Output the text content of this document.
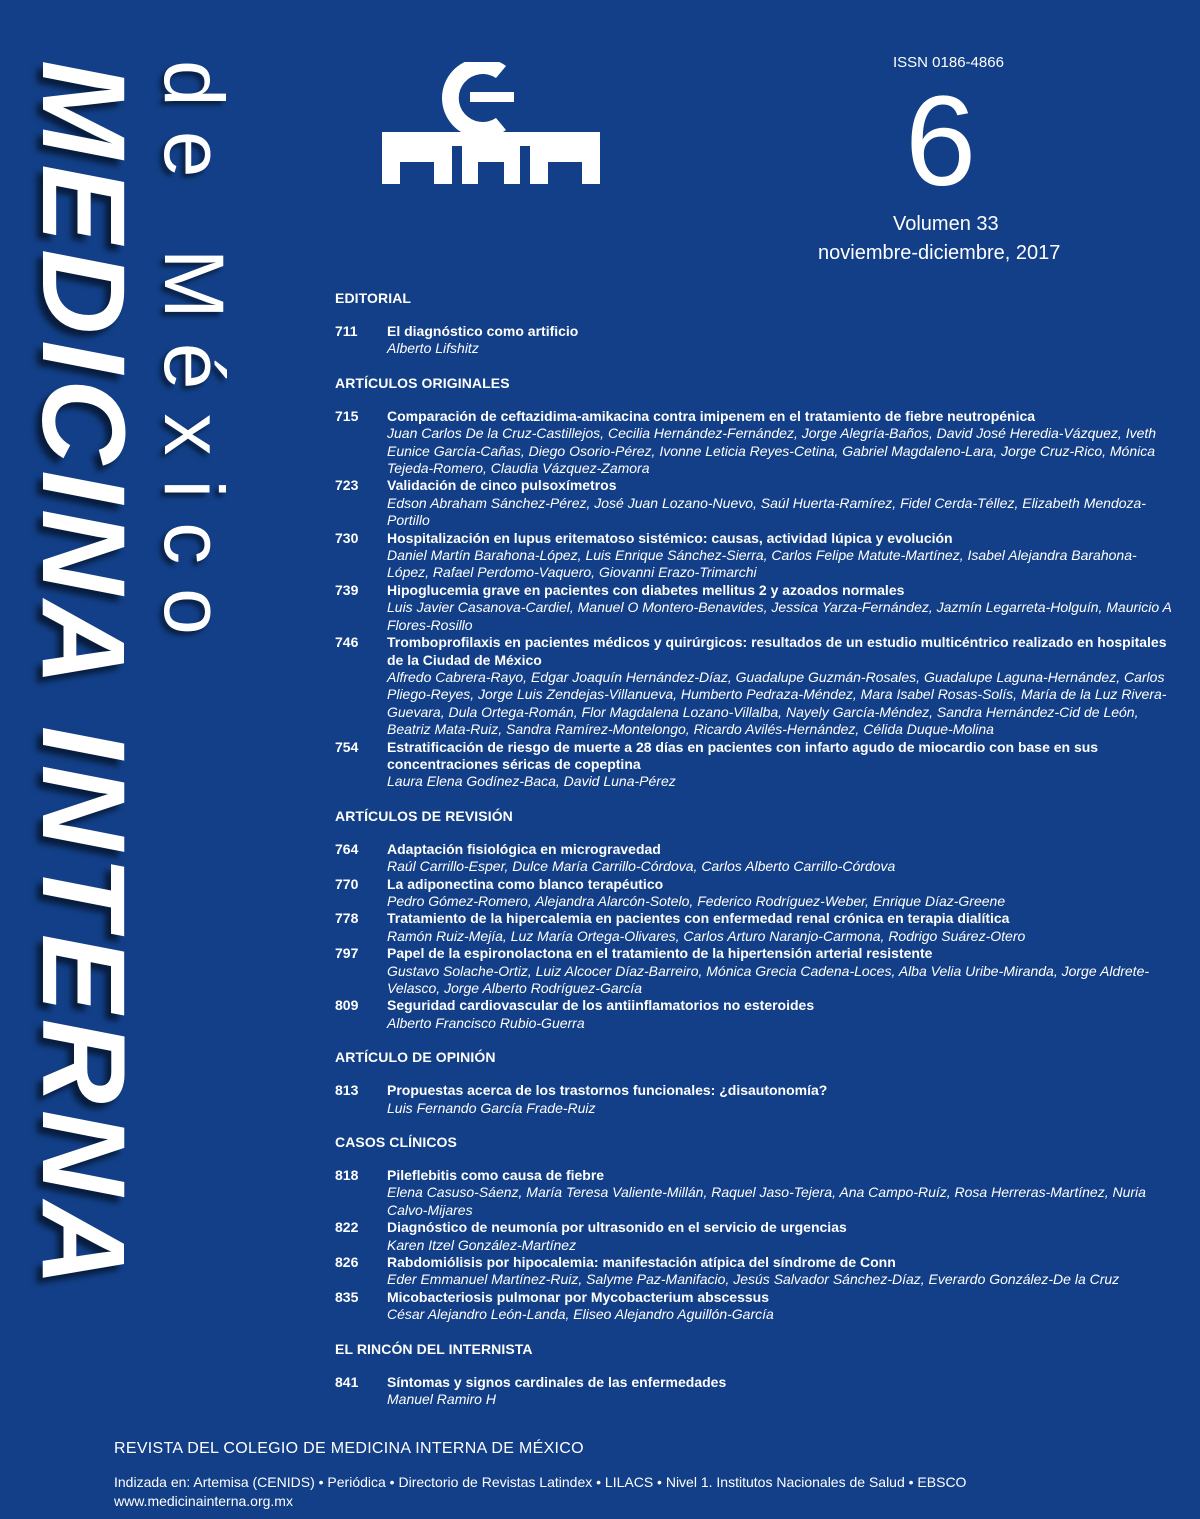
MEDICINA INTERNA
de México	ISSN 0186-4866
6
Volumen 33
noviembre-diciembre, 2017
EDITORIAL
711	El diagnóstico como artificio
Alberto Lifshitz
ARTÍCULOS ORIGINALES
715	Comparación de ceftazidima-amikacina contra imipenem en el tratamiento de fiebre neutropénica
Juan Carlos De la Cruz-Castillejos, Cecilia Hernández-Fernández, Jorge Alegría-Baños, David José Heredia-Vázquez, Iveth Eunice García-Cañas, Diego Osorio-Pérez, Ivonne Leticia Reyes-Cetina, Gabriel Magdaleno-Lara, Jorge Cruz-Rico, Mónica Tejeda-Romero, Claudia Vázquez-Zamora
723	Validación de cinco pulsoxímetros
Edson Abraham Sánchez-Pérez, José Juan Lozano-Nuevo, Saúl Huerta-Ramírez, Fidel Cerda-Téllez, Elizabeth Mendoza-Portillo
730	Hospitalización en lupus eritematoso sistémico: causas, actividad lúpica y evolución
Daniel Martín Barahona-López, Luis Enrique Sánchez-Sierra, Carlos Felipe Matute-Martínez, Isabel Alejandra Barahona-López, Rafael Perdomo-Vaquero, Giovanni Erazo-Trimarchi
739	Hipoglucemia grave en pacientes con diabetes mellitus 2 y azoados normales
Luis Javier Casanova-Cardiel, Manuel O Montero-Benavides, Jessica Yarza-Fernández, Jazmín Legarreta-Holguín, Mauricio A Flores-Rosillo
746	Tromboprofilaxis en pacientes médicos y quirúrgicos: resultados de un estudio multicéntrico realizado en hospitales de la Ciudad de México
Alfredo Cabrera-Rayo, Edgar Joaquín Hernández-Díaz, Guadalupe Guzmán-Rosales, Guadalupe Laguna-Hernández, Carlos Pliego-Reyes, Jorge Luis Zendejas-Villanueva, Humberto Pedraza-Méndez, Mara Isabel Rosas-Solís, María de la Luz Rivera-Guevara, Dula Ortega-Román, Flor Magdalena Lozano-Villalba, Nayely García-Méndez, Sandra Hernández-Cid de León, Beatriz Mata-Ruiz, Sandra Ramírez-Montelongo, Ricardo Avilés-Hernández, Célida Duque-Molina
754	Estratificación de riesgo de muerte a 28 días en pacientes con infarto agudo de miocardio con base en sus concentraciones séricas de copeptina
Laura Elena Godínez-Baca, David Luna-Pérez
ARTÍCULOS DE REVISIÓN
764	Adaptación fisiológica en microgravedad
Raúl Carrillo-Esper, Dulce María Carrillo-Córdova, Carlos Alberto Carrillo-Córdova
770	La adiponectina como blanco terapéutico
Pedro Gómez-Romero, Alejandra Alarcón-Sotelo, Federico Rodríguez-Weber, Enrique Díaz-Greene
778	Tratamiento de la hipercalemia en pacientes con enfermedad renal crónica en terapia dialítica
Ramón Ruiz-Mejía, Luz María Ortega-Olivares, Carlos Arturo Naranjo-Carmona, Rodrigo Suárez-Otero
797	Papel de la espironolactona en el tratamiento de la hipertensión arterial resistente
Gustavo Solache-Ortiz, Luiz Alcocer Díaz-Barreiro, Mónica Grecia Cadena-Loces, Alba Velia Uribe-Miranda, Jorge Aldrete-Velasco, Jorge Alberto Rodríguez-García
809	Seguridad cardiovascular de los antiinflamatorios no esteroides
Alberto Francisco Rubio-Guerra
ARTÍCULO DE OPINIÓN
813	Propuestas acerca de los trastornos funcionales: ¿disautonomía?
Luis Fernando García Frade-Ruiz
CASOS CLÍNICOS
818	Pileflebitis como causa de fiebre
Elena Casuso-Sáenz, María Teresa Valiente-Millán, Raquel Jaso-Tejera, Ana Campo-Ruíz, Rosa Herreras-Martínez, Nuria Calvo-Mijares
822	Diagnóstico de neumonía por ultrasonido en el servicio de urgencias
Karen Itzel González-Martínez
826	Rabdomiólisis por hipocalemia: manifestación atípica del síndrome de Conn
Eder Emmanuel Martínez-Ruiz, Salyme Paz-Manifacio, Jesús Salvador Sánchez-Díaz, Everardo González-De la Cruz
835	Micobacteriosis pulmonar por Mycobacterium abscessus
César Alejandro León-Landa, Eliseo Alejandro Aguillón-García
EL RINCÓN DEL INTERNISTA
841	Síntomas y signos cardinales de las enfermedades
Manuel Ramiro H
REVISTA DEL COLEGIO DE MEDICINA INTERNA DE MÉXICO
Indizada en: Artemisa (CENIDS) • Periódica • Directorio de Revistas Latindex • LILACS • Nivel 1. Institutos Nacionales de Salud • EBSCO
www.medicinainterna.org.mx
